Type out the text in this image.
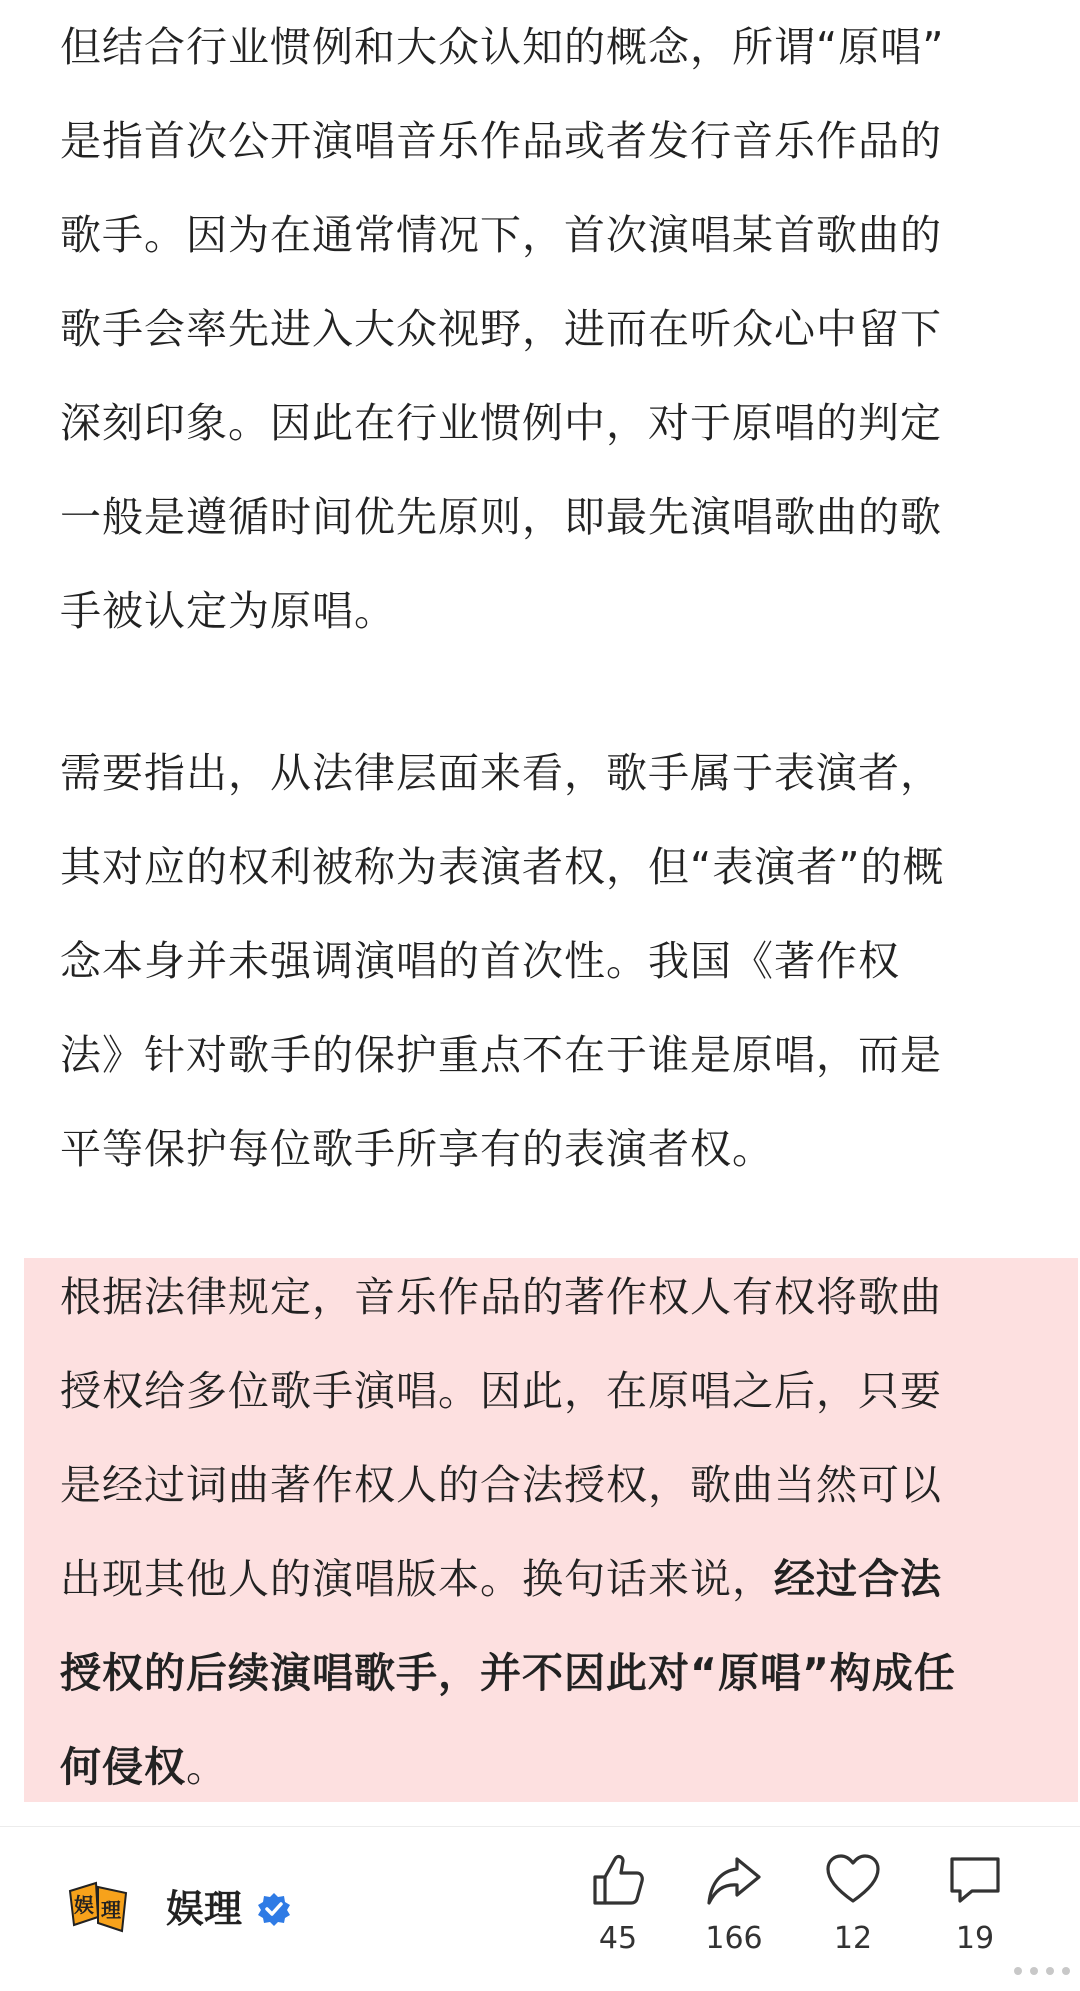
但结合行业惯例和大众认知的概念，所谓“原唱”
是指首次公开演唱音乐作品或者发行音乐作品的
歌手。因为在通常情况下，首次演唱某首歌曲的
歌手会率先进入大众视野，进而在听众心中留下
深刻印象。因此在行业惯例中，对于原唱的判定
一般是遵循时间优先原则，即最先演唱歌曲的歌
手被认定为原唱。
需要指出，从法律层面来看，歌手属于表演者，
其对应的权利被称为表演者权，但“表演者”的概
念本身并未强调演唱的首次性。我国《著作权
法》针对歌手的保护重点不在于谁是原唱，而是
平等保护每位歌手所享有的表演者权。
根据法律规定，音乐作品的著作权人有权将歌曲
授权给多位歌手演唱。因此，在原唱之后，只要
是经过词曲著作权人的合法授权，歌曲当然可以
出现其他人的演唱版本。换句话来说，经过合法
授权的后续演唱歌手，并不因此对“原唱”构成任
何侵权。
娱 理 娱理
45	166	12	19
